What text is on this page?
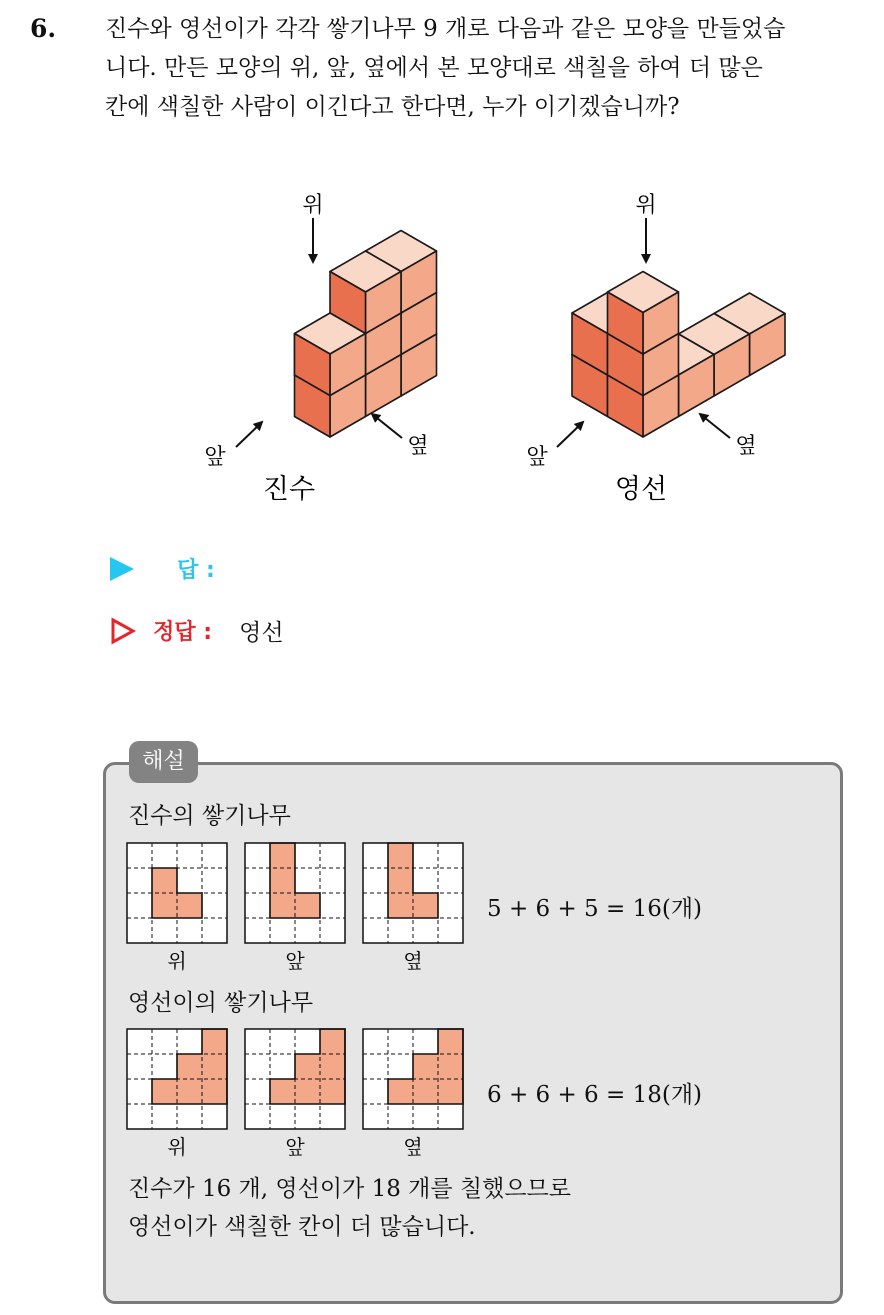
6. 진수와 영선이가 각각 쌓기나무 9 개로 다음과 같은 모양을 만들었습
니다. 만든 모양의 위, 앞, 옆에서 본 모양대로 색칠을 하여 더 많은
칸에 색칠한 사람이 이긴다고 한다면, 누가 이기겠습니까?

위
앞	옆
진수
위
앞	옆
영선
답 :
정답 : 영선
해설
진수의 쌓기나무
위	앞	옆
5 + 6 + 5 = 16(개)
영선이의 쌓기나무
위	앞	옆
6 + 6 + 6 = 18(개)
진수가 16 개, 영선이가 18 개를 칠했으므로
영선이가 색칠한 칸이 더 많습니다.
